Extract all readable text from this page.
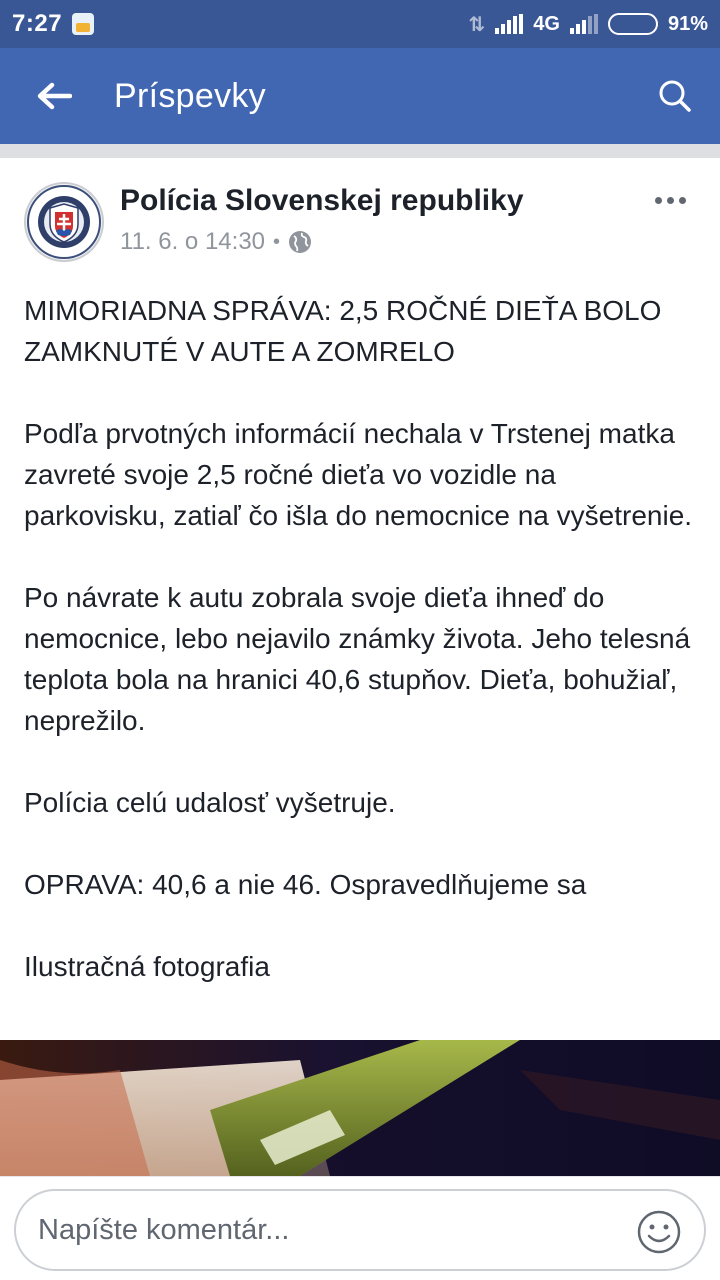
7:27	⇅ 4G	91%
Príspevky
Polícia Slovenskej republiky
11. 6. o 14:30 •

MIMORIADNA SPRÁVA: 2,5 ROČNÉ DIEŤA BOLO ZAMKNUTÉ V AUTE A ZOMRELO

Podľa prvotných informácií nechala v Trstenej matka zavreté svoje 2,5 ročné dieťa vo vozidle na parkovisku, zatiaľ čo išla do nemocnice na vyšetrenie.

Po návrate k autu zobrala svoje dieťa ihneď do nemocnice, lebo nejavilo známky života. Jeho telesná teplota bola na hranici 40,6 stupňov. Dieťa, bohužiaľ, neprežilo.

Polícia celú udalosť vyšetruje.

OPRAVA: 40,6 a nie 46. Ospravedlňujeme sa

Ilustračná fotografia

Napíšte komentár...
